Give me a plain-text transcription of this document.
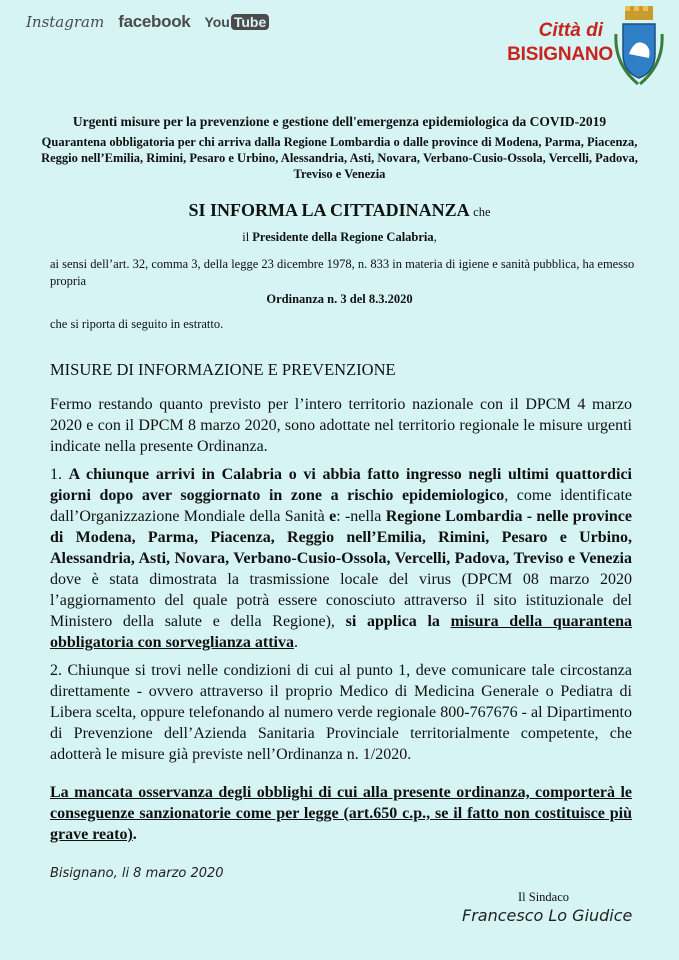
Instagram facebook You Tube	Città di
BISIGNANO
Urgenti misure per la prevenzione e gestione dell'emergenza epidemiologica da COVID-2019
Quarantena obbligatoria per chi arriva dalla Regione Lombardia o dalle province di Modena, Parma, Piacenza, Reggio nell’Emilia, Rimini, Pesaro e Urbino, Alessandria, Asti, Novara, Verbano-Cusio-Ossola, Vercelli, Padova, Treviso e Venezia
SI INFORMA LA CITTADINANZA che
il Presidente della Regione Calabria,
ai sensi dell’art. 32, comma 3, della legge 23 dicembre 1978, n. 833 in materia di igiene e sanità pubblica, ha emesso propria
Ordinanza n. 3 del 8.3.2020
che si riporta di seguito in estratto.
MISURE DI INFORMAZIONE E PREVENZIONE
Fermo restando quanto previsto per l’intero territorio nazionale con il DPCM 4 marzo 2020 e con il DPCM 8 marzo 2020, sono adottate nel territorio regionale le misure urgenti indicate nella presente Ordinanza.
1. A chiunque arrivi in Calabria o vi abbia fatto ingresso negli ultimi quattordici giorni dopo aver soggiornato in zone a rischio epidemiologico, come identificate dall’Organizzazione Mondiale della Sanità e: -nella Regione Lombardia - nelle province di Modena, Parma, Piacenza, Reggio nell’Emilia, Rimini, Pesaro e Urbino, Alessandria, Asti, Novara, Verbano-Cusio-Ossola, Vercelli, Padova, Treviso e Venezia dove è stata dimostrata la trasmissione locale del virus (DPCM 08 marzo 2020 l’aggiornamento del quale potrà essere conosciuto attraverso il sito istituzionale del Ministero della salute e della Regione), si applica la misura della quarantena obbligatoria con sorveglianza attiva.
2. Chiunque si trovi nelle condizioni di cui al punto 1, deve comunicare tale circostanza direttamente - ovvero attraverso il proprio Medico di Medicina Generale o Pediatra di Libera scelta, oppure telefonando al numero verde regionale 800-767676 - al Dipartimento di Prevenzione dell’Azienda Sanitaria Provinciale territorialmente competente, che adotterà le misure già previste nell’Ordinanza n. 1/2020.
La mancata osservanza degli obblighi di cui alla presente ordinanza, comporterà le conseguenze sanzionatorie come per legge (art.650 c.p., se il fatto non costituisce più grave reato).
Bisignano, li 8 marzo 2020
Il Sindaco
Francesco Lo Giudice
